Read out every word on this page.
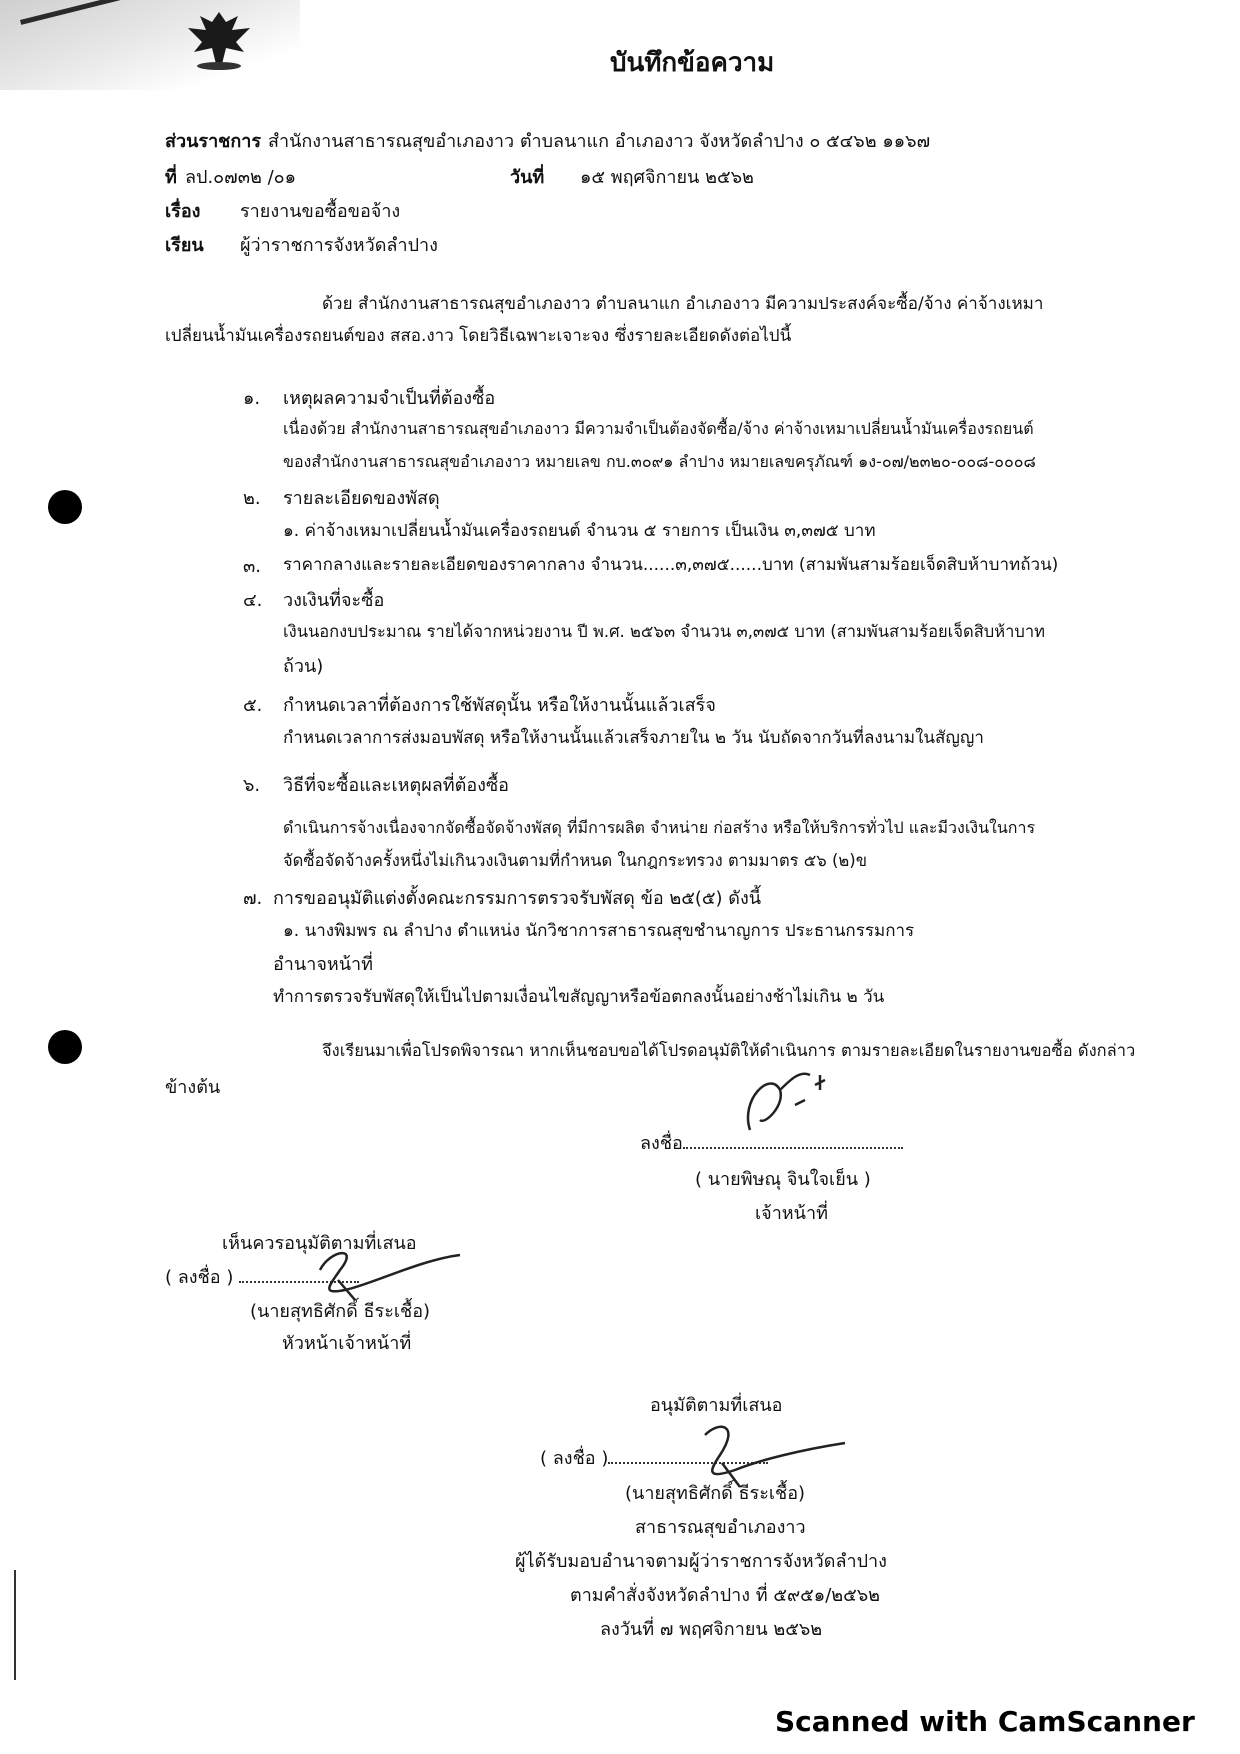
บันทึกข้อความ
ส่วนราชการ สำนักงานสาธารณสุขอำเภองาว ตำบลนาแก อำเภองาว จังหวัดลำปาง ๐ ๕๔๖๒ ๑๑๖๗
ที่ ลป.๐๗๓๒ /๐๑	วันที่ ๑๕ พฤศจิกายน ๒๕๖๒
เรื่อง รายงานขอซื้อขอจ้าง
เรียน ผู้ว่าราชการจังหวัดลำปาง
ด้วย สำนักงานสาธารณสุขอำเภองาว ตำบลนาแก อำเภองาว มีความประสงค์จะซื้อ/จ้าง ค่าจ้างเหมา
เปลี่ยนน้ำมันเครื่องรถยนต์ของ สสอ.งาว โดยวิธีเฉพาะเจาะจง ซึ่งรายละเอียดดังต่อไปนี้
๑. เหตุผลความจำเป็นที่ต้องซื้อ
เนื่องด้วย สำนักงานสาธารณสุขอำเภองาว มีความจำเป็นต้องจัดซื้อ/จ้าง ค่าจ้างเหมาเปลี่ยนน้ำมันเครื่องรถยนต์
ของสำนักงานสาธารณสุขอำเภองาว หมายเลข กบ.๓๐๙๑ ลำปาง หมายเลขครุภัณฑ์ ๑ง-๐๗/๒๓๒๐-๐๐๘-๐๐๐๘
๒. รายละเอียดของพัสดุ
๑. ค่าจ้างเหมาเปลี่ยนน้ำมันเครื่องรถยนต์ จำนวน ๕ รายการ เป็นเงิน ๓,๓๗๕ บาท
๓. ราคากลางและรายละเอียดของราคากลาง จำนวน......๓,๓๗๕......บาท (สามพันสามร้อยเจ็ดสิบห้าบาทถ้วน)
๔. วงเงินที่จะซื้อ
เงินนอกงบประมาณ รายได้จากหน่วยงาน ปี พ.ศ. ๒๕๖๓ จำนวน ๓,๓๗๕ บาท (สามพันสามร้อยเจ็ดสิบห้าบาท
ถ้วน)
๕. กำหนดเวลาที่ต้องการใช้พัสดุนั้น หรือให้งานนั้นแล้วเสร็จ
กำหนดเวลาการส่งมอบพัสดุ หรือให้งานนั้นแล้วเสร็จภายใน ๒ วัน นับถัดจากวันที่ลงนามในสัญญา
๖. วิธีที่จะซื้อและเหตุผลที่ต้องซื้อ
ดำเนินการจ้างเนื่องจากจัดซื้อจัดจ้างพัสดุ ที่มีการผลิต จำหน่าย ก่อสร้าง หรือให้บริการทั่วไป และมีวงเงินในการ
จัดซื้อจัดจ้างครั้งหนึ่งไม่เกินวงเงินตามที่กำหนด ในกฎกระทรวง ตามมาตร ๕๖ (๒)ข
๗. การขออนุมัติแต่งตั้งคณะกรรมการตรวจรับพัสดุ ข้อ ๒๕(๕) ดังนี้
๑. นางพิมพร ณ ลำปาง ตำแหน่ง นักวิชาการสาธารณสุขชำนาญการ ประธานกรรมการ
อำนาจหน้าที่
ทำการตรวจรับพัสดุให้เป็นไปตามเงื่อนไขสัญญาหรือข้อตกลงนั้นอย่างช้าไม่เกิน ๒ วัน
จึงเรียนมาเพื่อโปรดพิจารณา หากเห็นชอบขอได้โปรดอนุมัติให้ดำเนินการ ตามรายละเอียดในรายงานขอซื้อ ดังกล่าว
ข้างต้น
ลงชื่อ
( นายพิษณุ จินใจเย็น )
เจ้าหน้าที่
เห็นควรอนุมัติตามที่เสนอ
( ลงชื่อ )
(นายสุทธิศักดิ์ ธีระเชื้อ)
หัวหน้าเจ้าหน้าที่
อนุมัติตามที่เสนอ
( ลงชื่อ )
(นายสุทธิศักดิ์ ธีระเชื้อ)
สาธารณสุขอำเภองาว
ผู้ได้รับมอบอำนาจตามผู้ว่าราชการจังหวัดลำปาง
ตามคำสั่งจังหวัดลำปาง ที่ ๕๙๕๑/๒๕๖๒
ลงวันที่ ๗ พฤศจิกายน ๒๕๖๒
Scanned with CamScanner
